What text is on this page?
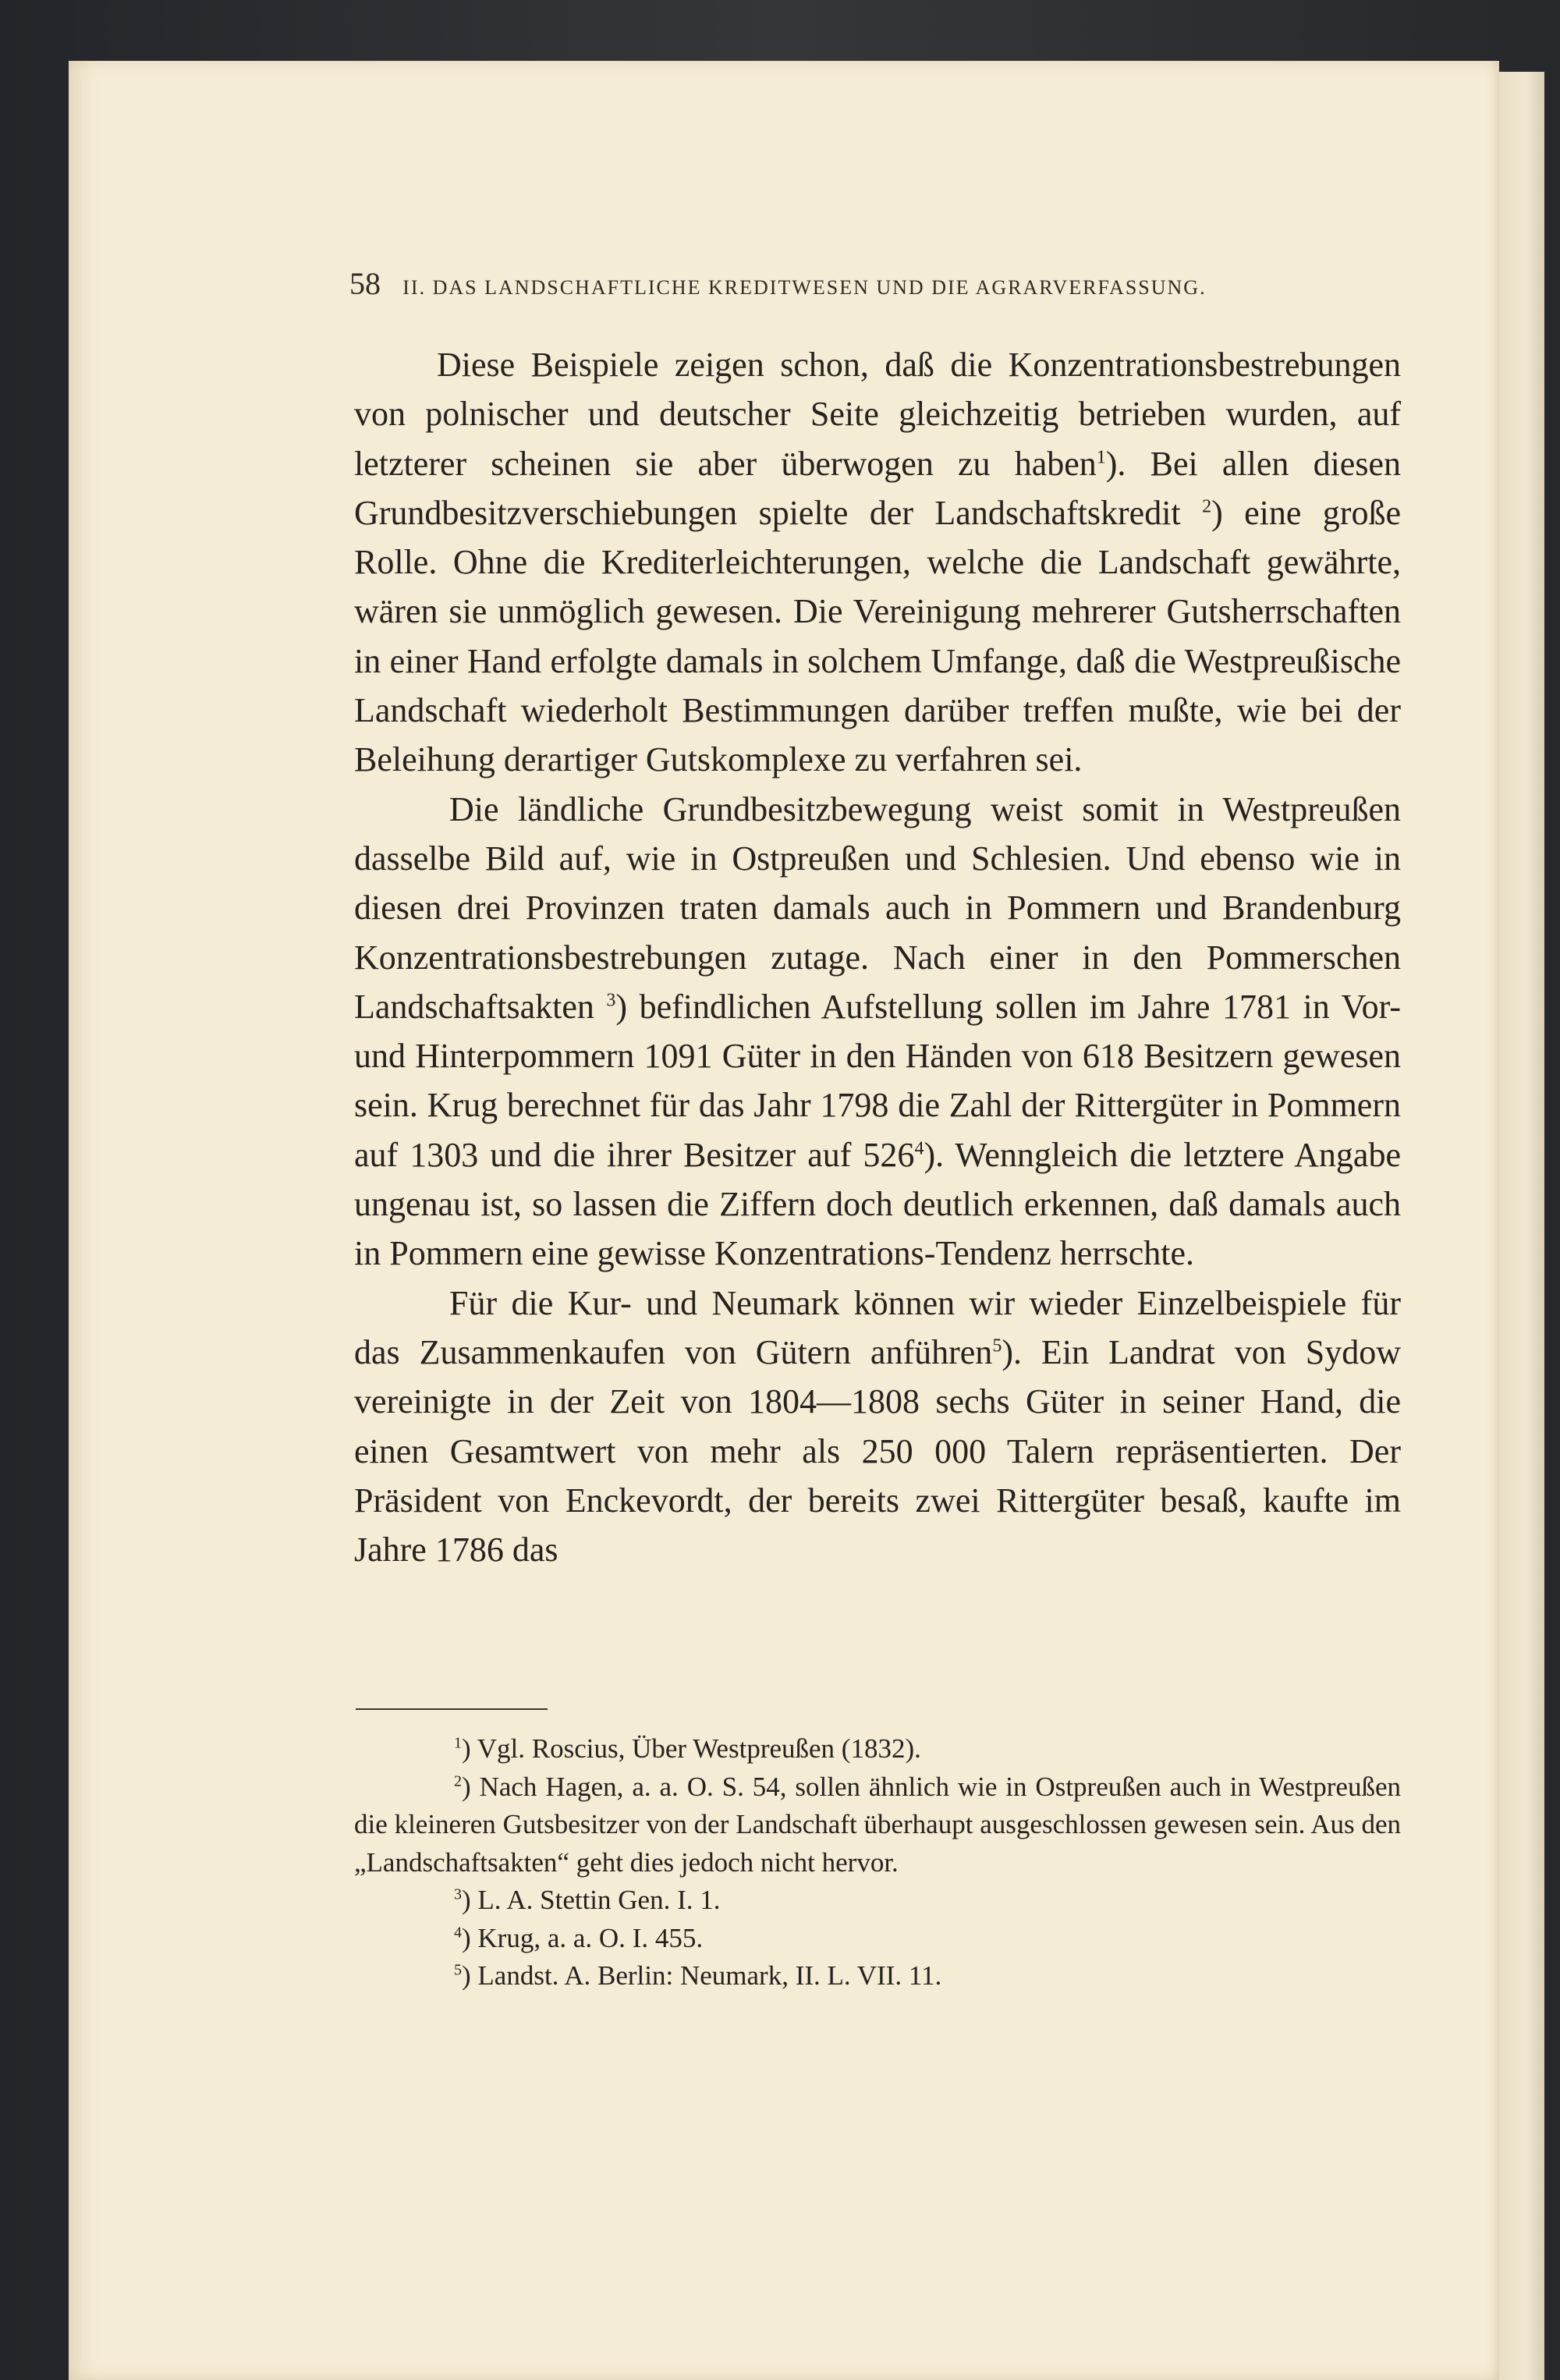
58 II. DAS LANDSCHAFTLICHE KREDITWESEN UND DIE AGRARVERFASSUNG.

Diese Beispiele zeigen schon, daß die Konzentrationsbestrebungen von polnischer und deutscher Seite gleichzeitig betrieben wurden, auf letzterer scheinen sie aber überwogen zu haben$^1$). Bei allen diesen Grundbesitzverschiebungen spielte der Landschaftskredit $^2$) eine große Rolle. Ohne die Krediterleichterungen, welche die Landschaft gewährte, wären sie unmöglich gewesen. Die Vereinigung mehrerer Gutsherrschaften in einer Hand erfolgte damals in solchem Umfange, daß die Westpreußische Landschaft wiederholt Bestimmungen darüber treffen mußte, wie bei der Beleihung derartiger Gutskomplexe zu verfahren sei.

Die ländliche Grundbesitzbewegung weist somit in Westpreußen dasselbe Bild auf, wie in Ostpreußen und Schlesien. Und ebenso wie in diesen drei Provinzen traten damals auch in Pommern und Brandenburg Konzentrationsbestrebungen zutage. Nach einer in den Pommerschen Landschaftsakten $^3$) befindlichen Aufstellung sollen im Jahre 1781 in Vor- und Hinterpommern 1091 Güter in den Händen von 618 Besitzern gewesen sein. Krug berechnet für das Jahr 1798 die Zahl der Rittergüter in Pommern auf 1303 und die ihrer Besitzer auf $526^4$). Wenngleich die letztere Angabe ungenau ist, so lassen die Ziffern doch deutlich erkennen, daß damals auch in Pommern eine gewisse Konzentrations-Tendenz herrschte.

Für die Kur- und Neumark können wir wieder Einzelbeispiele für das Zusammenkaufen von Gütern anführen$^5$). Ein Landrat von Sydow vereinigte in der Zeit von 1804—1808 sechs Güter in seiner Hand, die einen Gesamtwert von mehr als 250 000 Talern repräsentierten. Der Präsident von Enckevordt, der bereits zwei Rittergüter besaß, kaufte im Jahre 1786 das

$^1$) Vgl. Roscius, Über Westpreußen (1832).

$^2$) Nach Hagen, a. a. O. S. 54, sollen ähnlich wie in Ostpreußen auch in Westpreußen die kleineren Gutsbesitzer von der Landschaft überhaupt ausgeschlossen gewesen sein. Aus den „Landschaftsakten“ geht dies jedoch nicht hervor.

$^3$) L. A. Stettin Gen. I. 1.

$^4$) Krug, a. a. O. I. 455.

$^5$) Landst. A. Berlin: Neumark, II. L. VII. 11.
